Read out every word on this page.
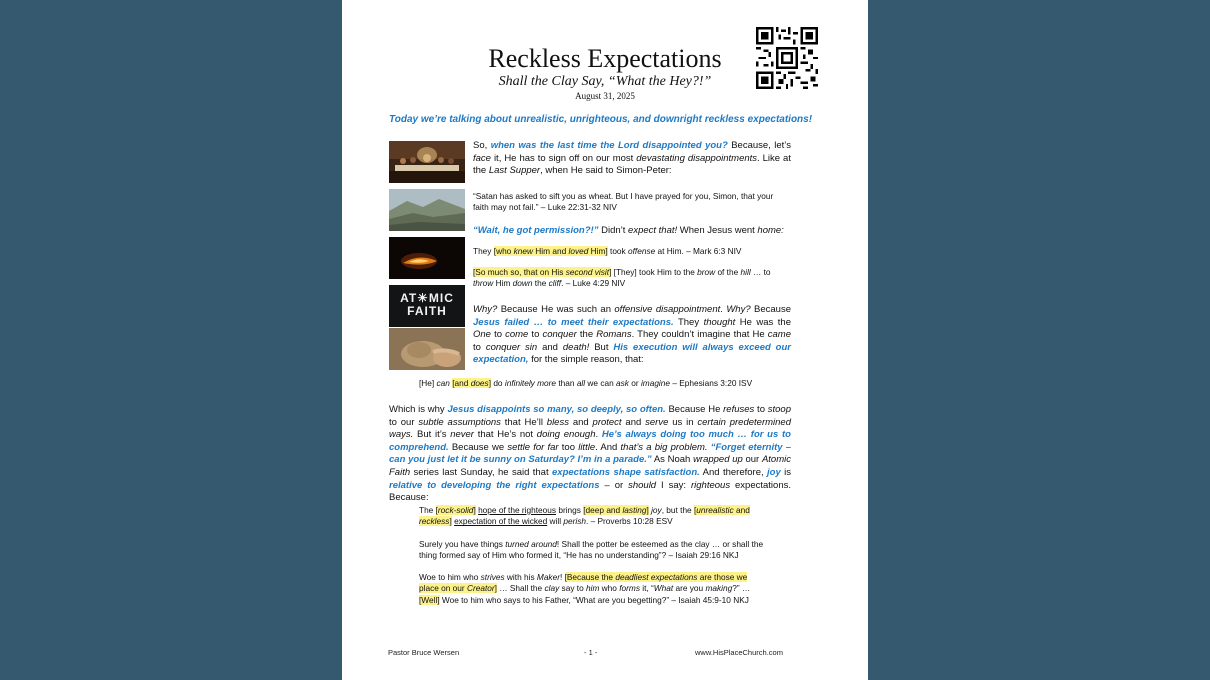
Reckless Expectations
Shall the Clay Say, “What the Hey?!”
August 31, 2025
Today we’re talking about unrealistic, unrighteous, and downright reckless expectations!

AT☀MIC
FAITH
So, when was the last time the Lord disappointed you? Because, let’s face it, He has to sign off on our most devastating disappointments. Like at the Last Supper, when He said to Simon-Peter:
“Satan has asked to sift you as wheat. But I have prayed for you, Simon, that your faith may not fail.” – Luke 22:31-32 NIV
“Wait, he got permission?!” Didn’t expect that! When Jesus went home:
They [who knew Him and loved Him] took offense at Him. – Mark 6:3 NIV
[So much so, that on His second visit] [They] took Him to the brow of the hill … to throw Him down the cliff. – Luke 4:29 NIV
Why? Because He was such an offensive disappointment. Why? Because Jesus failed … to meet their expectations. They thought He was the One to come to conquer the Romans. They couldn’t imagine that He came to conquer sin and death! But His execution will always exceed our expectation, for the simple reason, that:
[He] can [and does] do infinitely more than all we can ask or imagine – Ephesians 3:20 ISV
Which is why Jesus disappoints so many, so deeply, so often. Because He refuses to stoop to our subtle assumptions that He’ll bless and protect and serve us in certain predetermined ways. But it’s never that He’s not doing enough. He’s always doing too much … for us to comprehend. Because we settle for far too little. And that’s a big problem. “Forget eternity – can you just let it be sunny on Saturday? I’m in a parade.” As Noah wrapped up our Atomic Faith series last Sunday, he said that expectations shape satisfaction. And therefore, joy is relative to developing the right expectations – or should I say: righteous expectations. Because:
The [rock-solid] hope of the righteous brings [deep and lasting] joy, but the [unrealistic and reckless] expectation of the wicked will perish. – Proverbs 10:28 ESV
Surely you have things turned around! Shall the potter be esteemed as the clay … or shall the thing formed say of Him who formed it, “He has no understanding”? – Isaiah 29:16 NKJ
Woe to him who strives with his Maker! [Because the deadliest expectations are those we place on our Creator] … Shall the clay say to him who forms it, “What are you making?” … [Well] Woe to him who says to his Father, “What are you begetting?” – Isaiah 45:9-10 NKJ
Pastor Bruce Wersen	- 1 -	www.HisPlaceChurch.com
